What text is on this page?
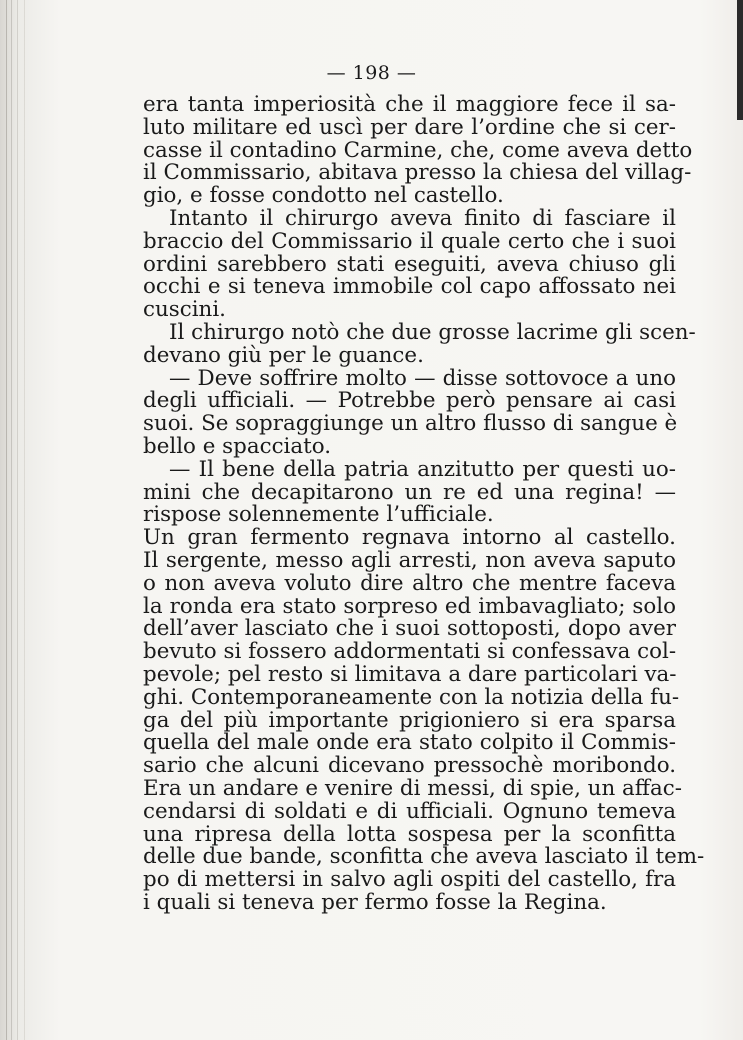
— 198 —
era tanta imperiosità che il maggiore fece il sa-
luto militare ed uscì per dare l’ordine che si cer-
casse il contadino Carmine, che, come aveva detto
il Commissario, abitava presso la chiesa del villag-
gio, e fosse condotto nel castello.
Intanto il chirurgo aveva finito di fasciare il
braccio del Commissario il quale certo che i suoi
ordini sarebbero stati eseguiti, aveva chiuso gli
occhi e si teneva immobile col capo affossato nei
cuscini.
Il chirurgo notò che due grosse lacrime gli scen-
devano giù per le guance.
— Deve soffrire molto — disse sottovoce a uno
degli ufficiali. — Potrebbe però pensare ai casi
suoi. Se sopraggiunge un altro flusso di sangue è
bello e spacciato.
— Il bene della patria anzitutto per questi uo-
mini che decapitarono un re ed una regina! —
rispose solennemente l’ufficiale.
Un gran fermento regnava intorno al castello.
Il sergente, messo agli arresti, non aveva saputo
o non aveva voluto dire altro che mentre faceva
la ronda era stato sorpreso ed imbavagliato; solo
dell’aver lasciato che i suoi sottoposti, dopo aver
bevuto si fossero addormentati si confessava col-
pevole; pel resto si limitava a dare particolari va-
ghi. Contemporaneamente con la notizia della fu-
ga del più importante prigioniero si era sparsa
quella del male onde era stato colpito il Commis-
sario che alcuni dicevano pressochè moribondo.
Era un andare e venire di messi, di spie, un affac-
cendarsi di soldati e di ufficiali. Ognuno temeva
una ripresa della lotta sospesa per la sconfitta
delle due bande, sconfitta che aveva lasciato il tem-
po di mettersi in salvo agli ospiti del castello, fra
i quali si teneva per fermo fosse la Regina.
